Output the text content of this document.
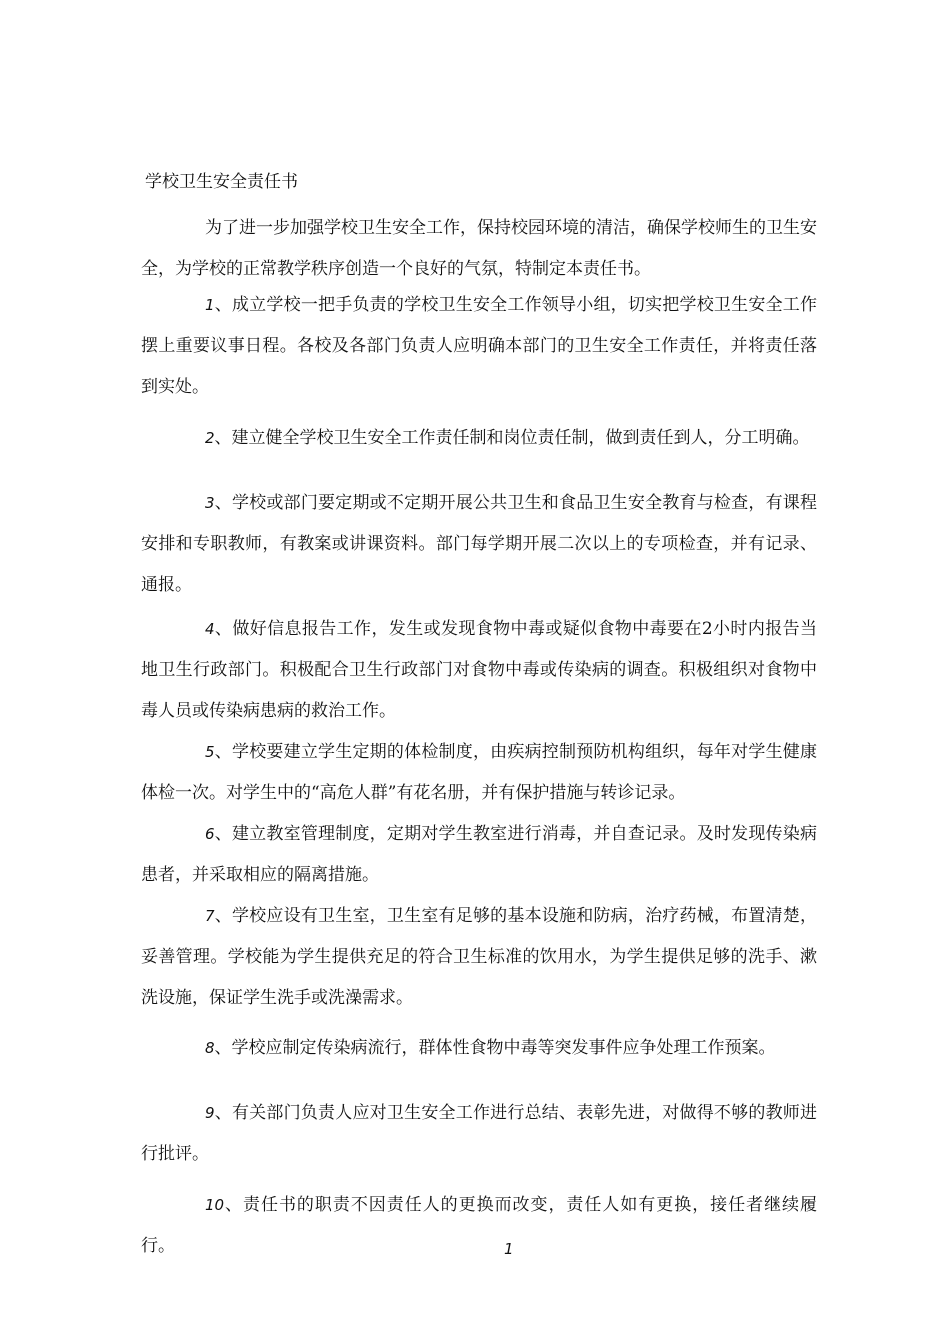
学校卫生安全责任书

为了进一步加强学校卫生安全工作，保持校园环境的清洁，确保学校师生的卫生安全，为学校的正常教学秩序创造一个良好的气氛，特制定本责任书。

1、成立学校一把手负责的学校卫生安全工作领导小组，切实把学校卫生安全工作摆上重要议事日程。各校及各部门负责人应明确本部门的卫生安全工作责任，并将责任落到实处。

2、建立健全学校卫生安全工作责任制和岗位责任制，做到责任到人，分工明确。

3、学校或部门要定期或不定期开展公共卫生和食品卫生安全教育与检查，有课程安排和专职教师，有教案或讲课资料。部门每学期开展二次以上的专项检查，并有记录、通报。

4、做好信息报告工作，发生或发现食物中毒或疑似食物中毒要在2小时内报告当地卫生行政部门。积极配合卫生行政部门对食物中毒或传染病的调查。积极组织对食物中毒人员或传染病患病的救治工作。

5、学校要建立学生定期的体检制度，由疾病控制预防机构组织，每年对学生健康体检一次。对学生中的“高危人群”有花名册，并有保护措施与转诊记录。

6、建立教室管理制度，定期对学生教室进行消毒，并自查记录。及时发现传染病患者，并采取相应的隔离措施。

7、学校应设有卫生室，卫生室有足够的基本设施和防病，治疗药械，布置清楚，妥善管理。学校能为学生提供充足的符合卫生标准的饮用水，为学生提供足够的洗手、漱洗设施，保证学生洗手或洗澡需求。

8、学校应制定传染病流行，群体性食物中毒等突发事件应争处理工作预案。

9、有关部门负责人应对卫生安全工作进行总结、表彰先进，对做得不够的教师进行批评。

10、责任书的职责不因责任人的更换而改变，责任人如有更换，接任者继续履行。	1
